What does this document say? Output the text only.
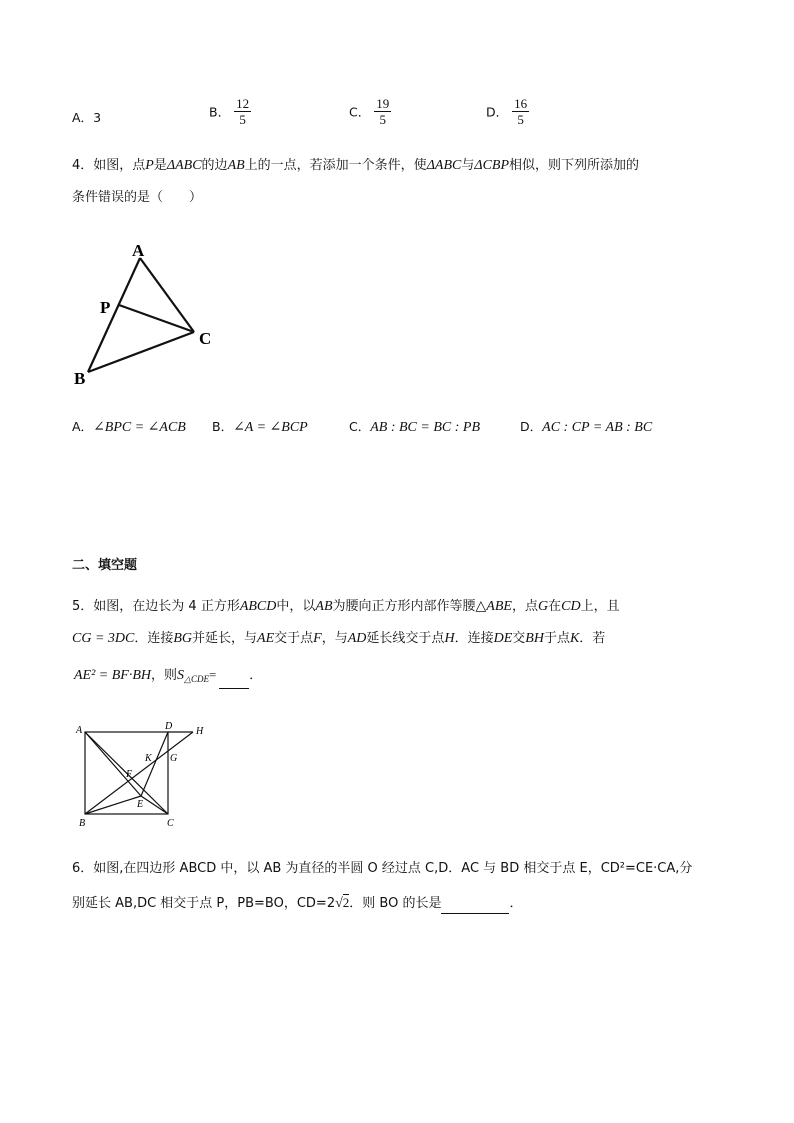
A．3	B． $\frac{12}{5}$	C． $\frac{19}{5}$	D． $\frac{16}{5}$
4．如图，点P是ΔABC的边AB上的一点，若添加一个条件，使ΔABC与ΔCBP相似，则下列所添加的
条件错误的是（　　）
A
P
B
C
A．∠BPC = ∠ACB B．∠A = ∠BCP	C．AB : BC = BC : PB	D．AC : CP = AB : BC
二、填空题
5．如图，在边长为 4 正方形ABCD中，以AB为腰向正方形内部作等腰△ABE，点G在CD上，且
CG = 3DC．连接BG并延长，与AE交于点F，与AD延长线交于点H．连接DE交BH于点K．若
AE² = BF·BH，则$S_{\triangle CDE}=$	．
A	D H
K G
F
E
B	C
6．如图,在四边形 ABCD 中，以 AB 为直径的半圆 O 经过点 C,D．AC 与 BD 相交于点 E，CD²=CE·CA,分
别延长 AB,DC 相交于点 P，PB=BO，CD=2√2．则 BO 的长是	．
